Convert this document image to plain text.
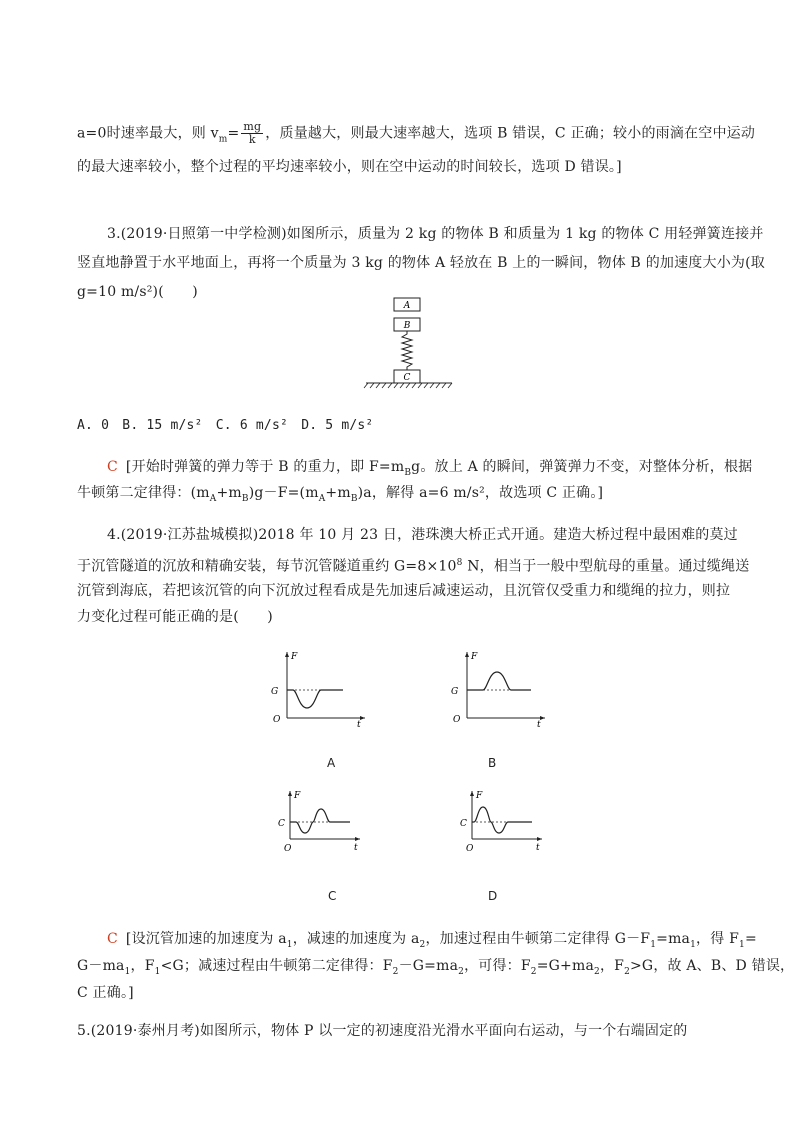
a=0时速率最大，则 $v_m= \frac{mg}{k}$ ，质量越大，则最大速率越大，选项 B 错误，C 正确；较小的雨滴在空中运动
的最大速率较小，整个过程的平均速率较小，则在空中运动的时间较长，选项 D 错误。]
3.(2019·日照第一中学检测)如图所示，质量为 2 kg 的物体 B 和质量为 1 kg 的物体 C 用轻弹簧连接并
竖直地静置于水平地面上，再将一个质量为 3 kg 的物体 A 轻放在 B 上的一瞬间，物体 B 的加速度大小为(取
g=10 m/s²)(　　)
A
B
C
A. 0　B. 15 m/s²　C. 6 m/s²　D. 5 m/s²
C [开始时弹簧的弹力等于 B 的重力，即 $F=m_Bg$。放上 A 的瞬间，弹簧弹力不变，对整体分析，根据
牛顿第二定律得：$(m_A+m_B)g-F=(m_A+m_B)a$，解得 a=6 m/s²，故选项 C 正确。]
4.(2019·江苏盐城模拟)2018 年 10 月 23 日，港珠澳大桥正式开通。建造大桥过程中最困难的莫过
于沉管隧道的沉放和精确安装，每节沉管隧道重约 $G=8\times 10^8$ N，相当于一般中型航母的重量。通过缆绳送
沉管到海底，若把该沉管的向下沉放过程看成是先加速后减速运动，且沉管仅受重力和缆绳的拉力，则拉
力变化过程可能正确的是(　　)
F
t
O
G
A
F
t
O
G
B
F
t
O
C
C
F
t
O
C
D
C [设沉管加速的加速度为 $a_1$，减速的加速度为 $a_2$，加速过程由牛顿第二定律得 $G-F_1=ma_1$，得 $F_1=$
$G-ma_1$，$F_1<G$；减速过程由牛顿第二定律得：$F_2-G=ma_2$，可得：$F_2=G+ma_2$，$F_2>G$，故 A、B、D 错误，
C 正确。]
5.(2019·泰州月考)如图所示，物体 P 以一定的初速度沿光滑水平面向右运动，与一个右端固定的
